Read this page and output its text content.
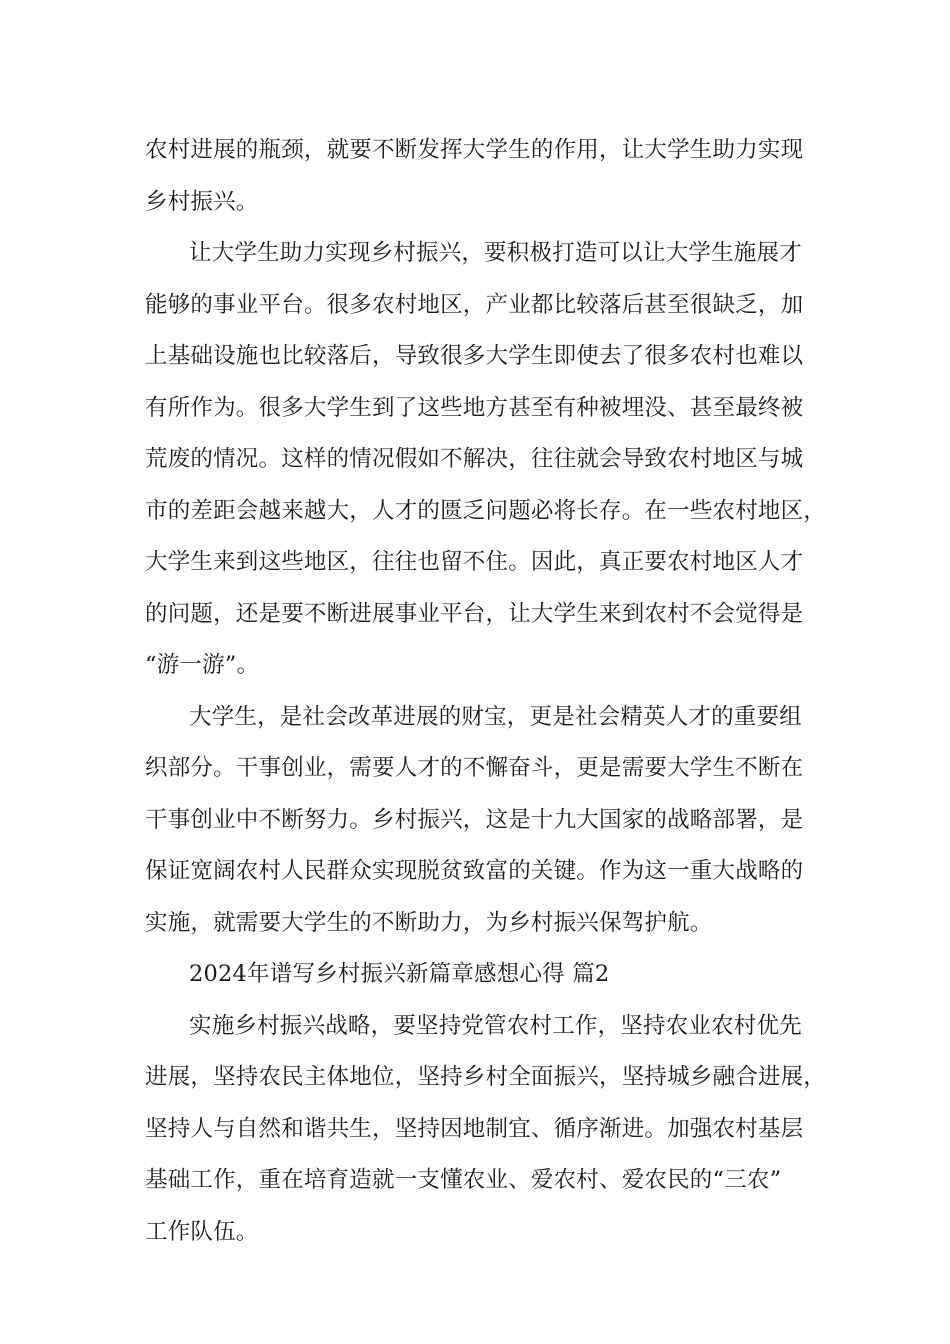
农村进展的瓶颈，就要不断发挥大学生的作用，让大学生助力实现
乡村振兴。
让大学生助力实现乡村振兴，要积极打造可以让大学生施展才
能够的事业平台。很多农村地区，产业都比较落后甚至很缺乏，加
上基础设施也比较落后，导致很多大学生即使去了很多农村也难以
有所作为。很多大学生到了这些地方甚至有种被埋没、甚至最终被
荒废的情况。这样的情况假如不解决，往往就会导致农村地区与城
市的差距会越来越大，人才的匮乏问题必将长存。在一些农村地区，
大学生来到这些地区，往往也留不住。因此，真正要农村地区人才
的问题，还是要不断进展事业平台，让大学生来到农村不会觉得是
“游一游”。
大学生，是社会改革进展的财宝，更是社会精英人才的重要组
织部分。干事创业，需要人才的不懈奋斗，更是需要大学生不断在
干事创业中不断努力。乡村振兴，这是十九大国家的战略部署，是
保证宽阔农村人民群众实现脱贫致富的关键。作为这一重大战略的
实施，就需要大学生的不断助力，为乡村振兴保驾护航。
2024年谱写乡村振兴新篇章感想心得 篇2
实施乡村振兴战略，要坚持党管农村工作，坚持农业农村优先
进展，坚持农民主体地位，坚持乡村全面振兴，坚持城乡融合进展，
坚持人与自然和谐共生，坚持因地制宜、循序渐进。加强农村基层
基础工作，重在培育造就一支懂农业、爱农村、爱农民的“三农”
工作队伍。
